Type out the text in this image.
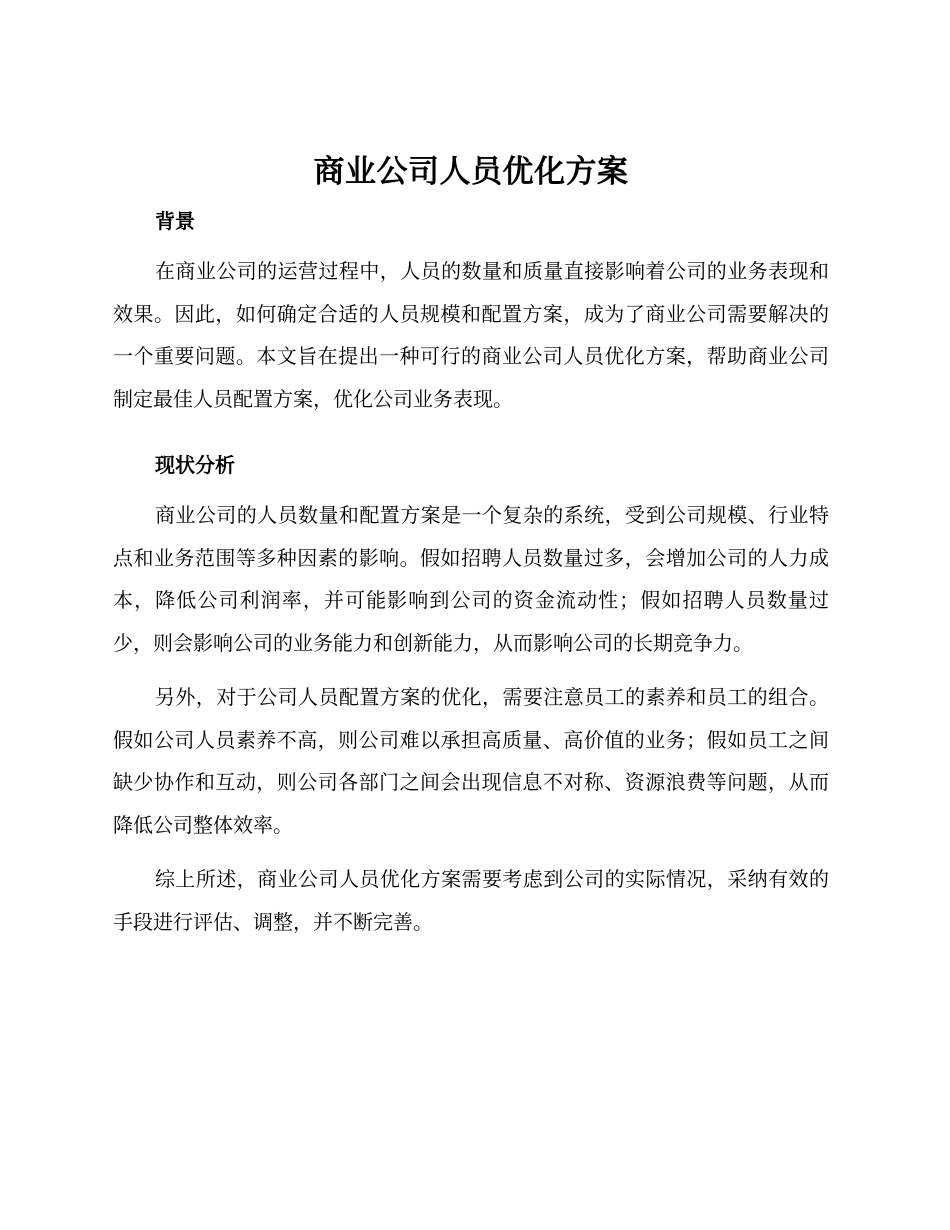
商业公司人员优化方案
背景

在商业公司的运营过程中，人员的数量和质量直接影响着公司的业务表现和效果。因此，如何确定合适的人员规模和配置方案，成为了商业公司需要解决的一个重要问题。本文旨在提出一种可行的商业公司人员优化方案，帮助商业公司制定最佳人员配置方案，优化公司业务表现。

现状分析

商业公司的人员数量和配置方案是一个复杂的系统，受到公司规模、行业特点和业务范围等多种因素的影响。假如招聘人员数量过多，会增加公司的人力成本，降低公司利润率，并可能影响到公司的资金流动性；假如招聘人员数量过少，则会影响公司的业务能力和创新能力，从而影响公司的长期竞争力。

另外，对于公司人员配置方案的优化，需要注意员工的素养和员工的组合。假如公司人员素养不高，则公司难以承担高质量、高价值的业务；假如员工之间缺少协作和互动，则公司各部门之间会出现信息不对称、资源浪费等问题，从而降低公司整体效率。

综上所述，商业公司人员优化方案需要考虑到公司的实际情况，采纳有效的手段进行评估、调整，并不断完善。
